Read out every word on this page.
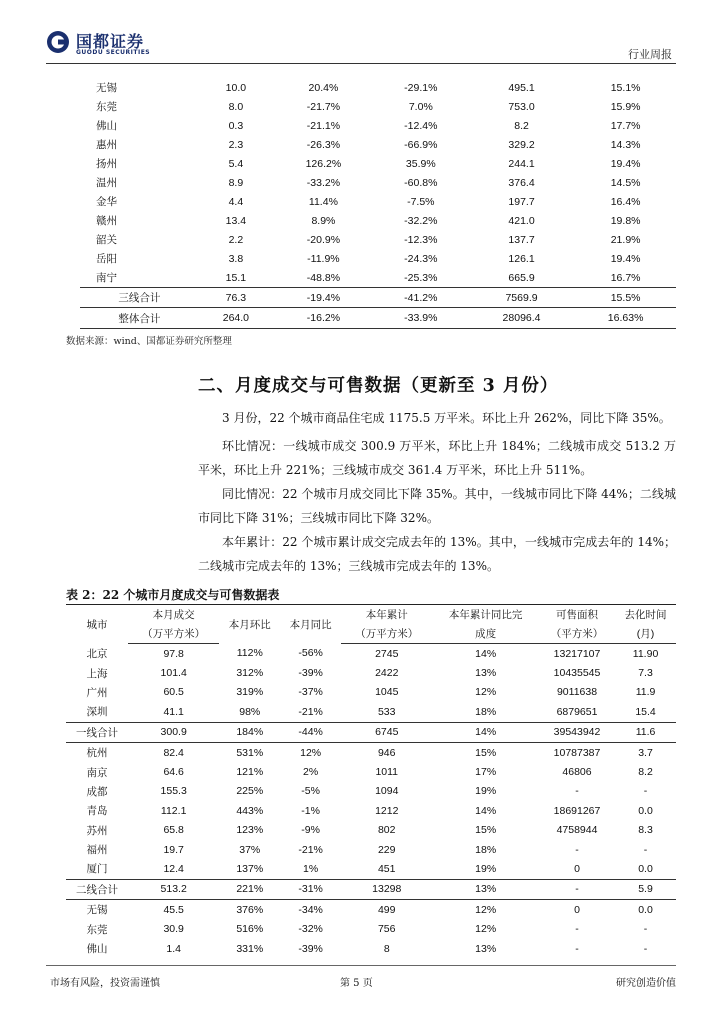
国都证券
GUODU SECURITIES	行业周报
无锡	10.0	20.4%	-29.1%	495.1	15.1%
东莞	8.0	-21.7%	7.0%	753.0	15.9%
佛山	0.3	-21.1%	-12.4%	8.2	17.7%
惠州	2.3	-26.3%	-66.9%	329.2	14.3%
扬州	5.4	126.2%	35.9%	244.1	19.4%
温州	8.9	-33.2%	-60.8%	376.4	14.5%
金华	4.4	11.4%	-7.5%	197.7	16.4%
赣州	13.4	8.9%	-32.2%	421.0	19.8%
韶关	2.2	-20.9%	-12.3%	137.7	21.9%
岳阳	3.8	-11.9%	-24.3%	126.1	19.4%
南宁	15.1	-48.8%	-25.3%	665.9	16.7%
三线合计	76.3	-19.4%	-41.2%	7569.9	15.5%
整体合计	264.0	-16.2%	-33.9%	28096.4	16.63%
数据来源：wind、国都证券研究所整理
二、月度成交与可售数据（更新至 3 月份）
3 月份，22 个城市商品住宅成 1175.5 万平米。环比上升 262%，同比下降 35%。
环比情况：一线城市成交 300.9 万平米，环比上升 184%；二线城市成交 513.2 万平米，环比上升 221%；三线城市成交 361.4 万平米，环比上升 511%。
同比情况：22 个城市月成交同比下降 35%。其中，一线城市同比下降 44%；二线城市同比下降 31%；三线城市同比下降 32%。
本年累计：22 个城市累计成交完成去年的 13%。其中，一线城市完成去年的 14%；二线城市完成去年的 13%；三线城市完成去年的 13%。
表 2：22 个城市月度成交与可售数据表
城市	本月成交	本月环比	本月同比	本年累计	本年累计同比完	可售面积	去化时间
	（万平方米）			（万平方米）	成度	（平方米）	(月)
北京	97.8	112%	-56%	2745	14%	13217107	11.90
上海	101.4	312%	-39%	2422	13%	10435545	7.3
广州	60.5	319%	-37%	1045	12%	9011638	11.9
深圳	41.1	98%	-21%	533	18%	6879651	15.4
一线合计	300.9	184%	-44%	6745	14%	39543942	11.6
杭州	82.4	531%	12%	946	15%	10787387	3.7
南京	64.6	121%	2%	1011	17%	46806	8.2
成都	155.3	225%	-5%	1094	19%	-	-
青岛	112.1	443%	-1%	1212	14%	18691267	0.0
苏州	65.8	123%	-9%	802	15%	4758944	8.3
福州	19.7	37%	-21%	229	18%	-	-
厦门	12.4	137%	1%	451	19%	0	0.0
二线合计	513.2	221%	-31%	13298	13%	-	5.9
无锡	45.5	376%	-34%	499	12%	0	0.0
东莞	30.9	516%	-32%	756	12%	-	-
佛山	1.4	331%	-39%	8	13%	-	-
市场有风险，投资需谨慎	第 5 页	研究创造价值
